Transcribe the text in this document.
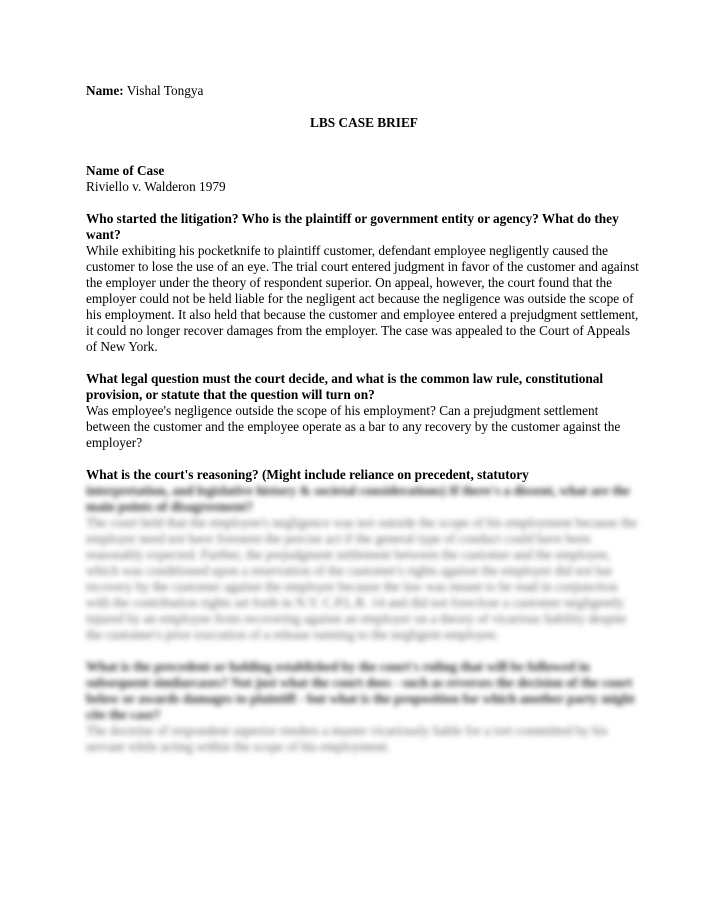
Name: Vishal Tongya
LBS CASE BRIEF
Name of Case
Riviello v. Walderon 1979
Who started the litigation? Who is the plaintiff or government entity or agency? What do they want?
While exhibiting his pocketknife to plaintiff customer, defendant employee negligently caused the customer to lose the use of an eye. The trial court entered judgment in favor of the customer and against the employer under the theory of respondent superior. On appeal, however, the court found that the employer could not be held liable for the negligent act because the negligence was outside the scope of his employment. It also held that because the customer and employee entered a prejudgment settlement, it could no longer recover damages from the employer. The case was appealed to the Court of Appeals of New York.
What legal question must the court decide, and what is the common law rule, constitutional provision, or statute that the question will turn on?
Was employee's negligence outside the scope of his employment? Can a prejudgment settlement between the customer and the employee operate as a bar to any recovery by the customer against the employer?
What is the court's reasoning? (Might include reliance on precedent, statutory
interpretation, and legislative history & societal considerations) If there's a dissent, what are the main points of disagreement?
The court held that the employee's negligence was not outside the scope of his employment because the employer need not have foreseen the precise act if the general type of conduct could have been reasonably expected. Further, the prejudgment settlement between the customer and the employee, which was conditioned upon a reservation of the customer's rights against the employer did not bar recovery by the customer against the employer because the law was meant to be read in conjunction with the contribution rights set forth in N.Y. C.P.L.R. 14 and did not foreclose a customer negligently injured by an employee from recovering against an employer on a theory of vicarious liability despite the customer's prior execution of a release running to the negligent employee.
What is the precedent or holding established by the court's ruling that will be followed in subsequent similarcases? Not just what the court does - such as reverses the decision of the court below or awards damages to plaintiff - but what is the proposition for which another party might cite the case?
The doctrine of respondent superior renders a master vicariously liable for a tort committed by his servant while acting within the scope of his employment.
